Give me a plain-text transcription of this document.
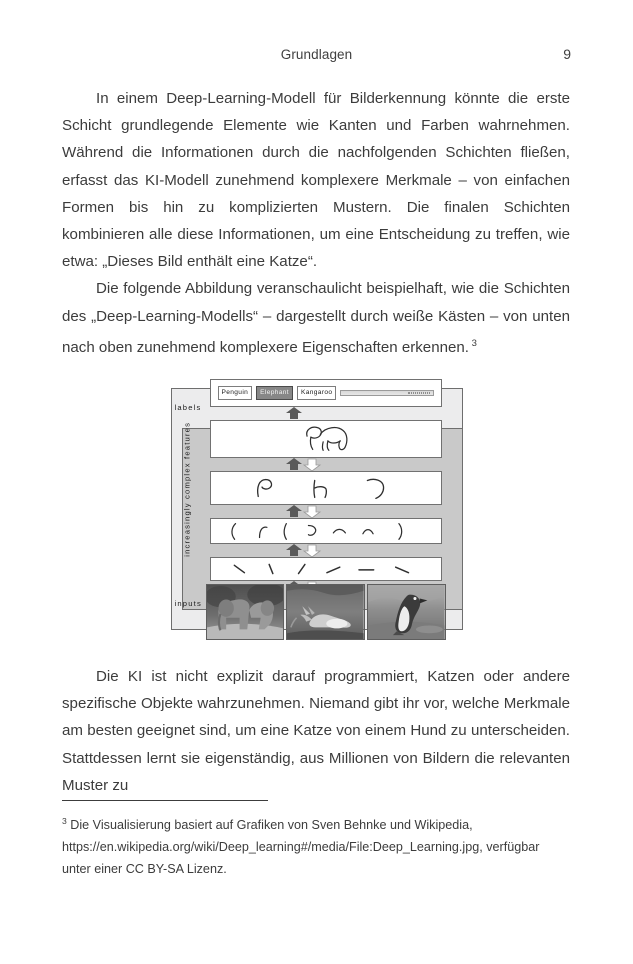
Grundlagen	9

In einem Deep-Learning-Modell für Bilderkennung könnte die erste Schicht grundlegende Elemente wie Kanten und Farben wahrnehmen. Während die Informationen durch die nachfolgenden Schichten fließen, erfasst das KI-Modell zunehmend komplexere Merkmale – von einfachen Formen bis hin zu komplizierten Mustern. Die finalen Schichten kombinieren alle diese Informationen, um eine Entscheidung zu treffen, wie etwa: „Dieses Bild enthält eine Katze“.

Die folgende Abbildung veranschaulicht beispielhaft, wie die Schichten des „Deep-Learning-Modells“ – dargestellt durch weiße Kästen – von unten nach oben zunehmend komplexere Eigenschaften erkennen. $^3$

labels
inputs
increasingly complex features
Penguin	Elephant	Kangaroo

Die KI ist nicht explizit darauf programmiert, Katzen oder andere spezifische Objekte wahrzunehmen. Niemand gibt ihr vor, welche Merkmale am besten geeignet sind, um eine Katze von einem Hund zu unterscheiden. Stattdessen lernt sie eigenständig, aus Millionen von Bildern die relevanten Muster zu

$^3$ Die Visualisierung basiert auf Grafiken von Sven Behnke und Wikipedia, https://en.wikipedia.org/wiki/Deep_learning#/media/File:Deep_Learning.jpg, verfügbar unter einer CC BY-SA Lizenz.
